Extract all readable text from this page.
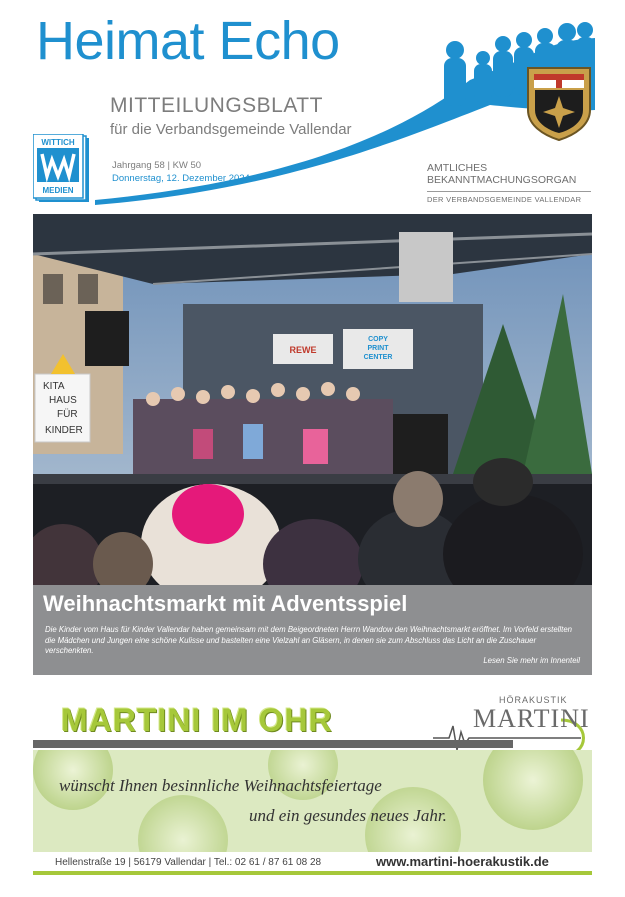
Heimat Echo
MITTEILUNGSBLATT
für die Verbandsgemeinde Vallendar
Jahrgang 58 | KW 50
Donnerstag, 12. Dezember 2024
AMTLICHES
BEKANNTMACHUNGSORGAN
DER VERBANDSGEMEINDE VALLENDAR
WITTICH
MEDIEN
REWE
COPY
PRINT
CENTER
KITA
HAUS
FÜR
KINDER
Weihnachtsmarkt mit Adventsspiel
Die Kinder vom Haus für Kinder Vallendar haben gemeinsam mit dem Beigeordneten Herrn Wandow den Weihnachtsmarkt eröffnet. Im Vorfeld erstellten die Mädchen und Jungen eine schöne Kulisse und bastelten eine Vielzahl an Gläsern, in denen sie zum Abschluss das Licht an die Zuschauer verschenkten.
Lesen Sie mehr im Innenteil
MARTINI IM OHR
HÖRAKUSTIK
MARTINI
wünscht Ihnen besinnliche Weihnachtsfeiertage
und ein gesundes neues Jahr.
Hellenstraße 19 | 56179 Vallendar | Tel.: 02 61 / 87 61 08 28	www.martini-hoerakustik.de
